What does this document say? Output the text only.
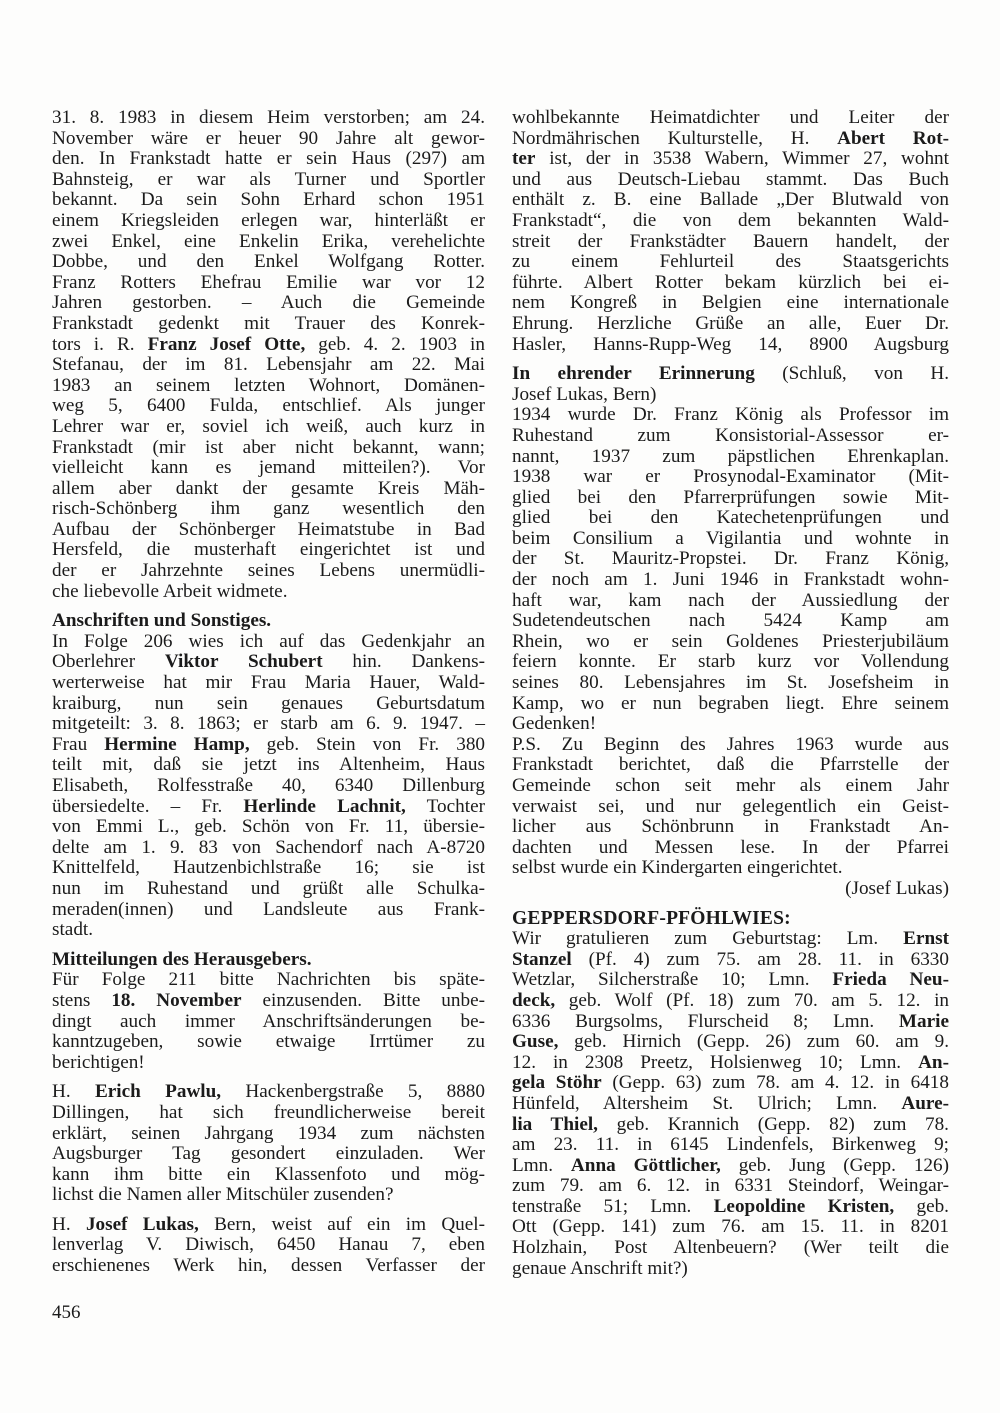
31. 8. 1983 in diesem Heim verstorben; am 24.
November wäre er heuer 90 Jahre alt gewor-
den. In Frankstadt hatte er sein Haus (297) am
Bahnsteig, er war als Turner und Sportler
bekannt. Da sein Sohn Erhard schon 1951
einem Kriegsleiden erlegen war, hinterläßt er
zwei Enkel, eine Enkelin Erika, verehelichte
Dobbe, und den Enkel Wolfgang Rotter.
Franz Rotters Ehefrau Emilie war vor 12
Jahren gestorben. – Auch die Gemeinde
Frankstadt gedenkt mit Trauer des Konrek-
tors i. R. Franz Josef Otte, geb. 4. 2. 1903 in
Stefanau, der im 81. Lebensjahr am 22. Mai
1983 an seinem letzten Wohnort, Domänen-
weg 5, 6400 Fulda, entschlief. Als junger
Lehrer war er, soviel ich weiß, auch kurz in
Frankstadt (mir ist aber nicht bekannt, wann;
vielleicht kann es jemand mitteilen?). Vor
allem aber dankt der gesamte Kreis Mäh-
risch-Schönberg ihm ganz wesentlich den
Aufbau der Schönberger Heimatstube in Bad
Hersfeld, die musterhaft eingerichtet ist und
der er Jahrzehnte seines Lebens unermüdli-
che liebevolle Arbeit widmete.
Anschriften und Sonstiges.
In Folge 206 wies ich auf das Gedenkjahr an
Oberlehrer Viktor Schubert hin. Dankens-
werterweise hat mir Frau Maria Hauer, Wald-
kraiburg, nun sein genaues Geburtsdatum
mitgeteilt: 3. 8. 1863; er starb am 6. 9. 1947. –
Frau Hermine Hamp, geb. Stein von Fr. 380
teilt mit, daß sie jetzt ins Altenheim, Haus
Elisabeth, Rolfesstraße 40, 6340 Dillenburg
übersiedelte. – Fr. Herlinde Lachnit, Tochter
von Emmi L., geb. Schön von Fr. 11, übersie-
delte am 1. 9. 83 von Sachendorf nach A-8720
Knittelfeld, Hautzenbichlstraße 16; sie ist
nun im Ruhestand und grüßt alle Schulka-
meraden(innen) und Landsleute aus Frank-
stadt.
Mitteilungen des Herausgebers.
Für Folge 211 bitte Nachrichten bis späte-
stens 18. November einzusenden. Bitte unbe-
dingt auch immer Anschriftsänderungen be-
kanntzugeben, sowie etwaige Irrtümer zu
berichtigen!
H. Erich Pawlu, Hackenbergstraße 5, 8880
Dillingen, hat sich freundlicherweise bereit
erklärt, seinen Jahrgang 1934 zum nächsten
Augsburger Tag gesondert einzuladen. Wer
kann ihm bitte ein Klassenfoto und mög-
lichst die Namen aller Mitschüler zusenden?
H. Josef Lukas, Bern, weist auf ein im Quel-
lenverlag V. Diwisch, 6450 Hanau 7, eben
erschienenes Werk hin, dessen Verfasser der
wohlbekannte Heimatdichter und Leiter der
Nordmährischen Kulturstelle, H. Abert Rot-
ter ist, der in 3538 Wabern, Wimmer 27, wohnt
und aus Deutsch-Liebau stammt. Das Buch
enthält z. B. eine Ballade „Der Blutwald von
Frankstadt“, die von dem bekannten Wald-
streit der Frankstädter Bauern handelt, der
zu einem Fehlurteil des Staatsgerichts
führte. Albert Rotter bekam kürzlich bei ei-
nem Kongreß in Belgien eine internationale
Ehrung. Herzliche Grüße an alle, Euer Dr.
Hasler, Hanns-Rupp-Weg 14, 8900 Augsburg
In ehrender Erinnerung (Schluß, von H.
Josef Lukas, Bern)
1934 wurde Dr. Franz König als Professor im
Ruhestand zum Konsistorial-Assessor er-
nannt, 1937 zum päpstlichen Ehrenkaplan.
1938 war er Prosynodal-Examinator (Mit-
glied bei den Pfarrerprüfungen sowie Mit-
glied bei den Katechetenprüfungen und
beim Consilium a Vigilantia und wohnte in
der St. Mauritz-Propstei. Dr. Franz König,
der noch am 1. Juni 1946 in Frankstadt wohn-
haft war, kam nach der Aussiedlung der
Sudetendeutschen nach 5424 Kamp am
Rhein, wo er sein Goldenes Priesterjubiläum
feiern konnte. Er starb kurz vor Vollendung
seines 80. Lebensjahres im St. Josefsheim in
Kamp, wo er nun begraben liegt. Ehre seinem
Gedenken!
P.S. Zu Beginn des Jahres 1963 wurde aus
Frankstadt berichtet, daß die Pfarrstelle der
Gemeinde schon seit mehr als einem Jahr
verwaist sei, und nur gelegentlich ein Geist-
licher aus Schönbrunn in Frankstadt An-
dachten und Messen lese. In der Pfarrei
selbst wurde ein Kindergarten eingerichtet.
(Josef Lukas)
GEPPERSDORF-PFÖHLWIES:
Wir gratulieren zum Geburtstag: Lm. Ernst
Stanzel (Pf. 4) zum 75. am 28. 11. in 6330
Wetzlar, Silcherstraße 10; Lmn. Frieda Neu-
deck, geb. Wolf (Pf. 18) zum 70. am 5. 12. in
6336 Burgsolms, Flurscheid 8; Lmn. Marie
Guse, geb. Hirnich (Gepp. 26) zum 60. am 9.
12. in 2308 Preetz, Holsienweg 10; Lmn. An-
gela Stöhr (Gepp. 63) zum 78. am 4. 12. in 6418
Hünfeld, Altersheim St. Ulrich; Lmn. Aure-
lia Thiel, geb. Krannich (Gepp. 82) zum 78.
am 23. 11. in 6145 Lindenfels, Birkenweg 9;
Lmn. Anna Göttlicher, geb. Jung (Gepp. 126)
zum 79. am 6. 12. in 6331 Steindorf, Weingar-
tenstraße 51; Lmn. Leopoldine Kristen, geb.
Ott (Gepp. 141) zum 76. am 15. 11. in 8201
Holzhain, Post Altenbeuern? (Wer teilt die
genaue Anschrift mit?)
456
